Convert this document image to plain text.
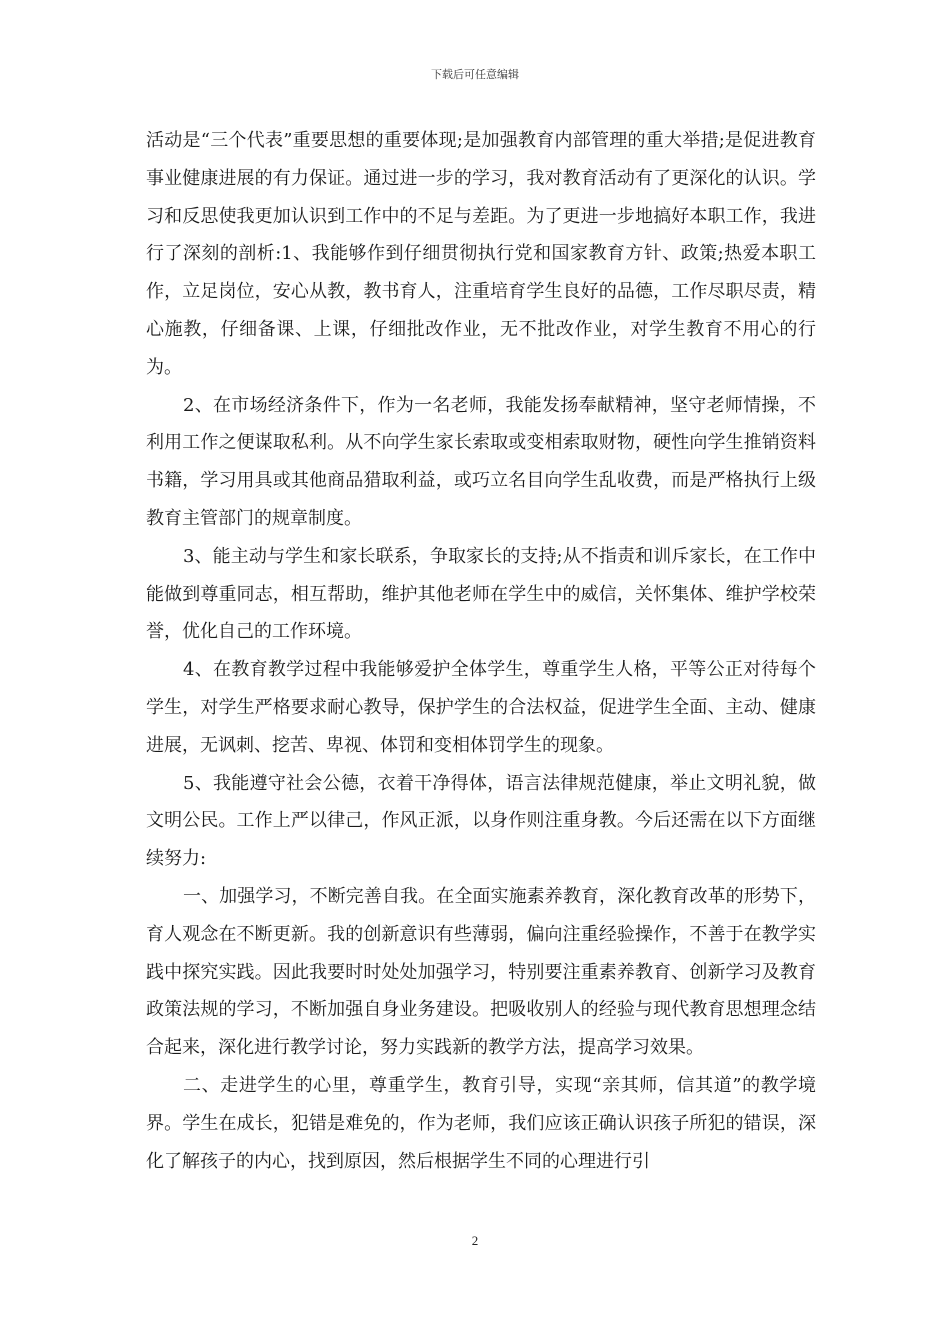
下载后可任意编辑

活动是“三个代表”重要思想的重要体现;是加强教育内部管理的重大举措;是促进教育事业健康进展的有力保证。通过进一步的学习，我对教育活动有了更深化的认识。学习和反思使我更加认识到工作中的不足与差距。为了更进一步地搞好本职工作，我进行了深刻的剖析:1、我能够作到仔细贯彻执行党和国家教育方针、政策;热爱本职工作，立足岗位，安心从教，教书育人，注重培育学生良好的品德，工作尽职尽责，精心施教，仔细备课、上课，仔细批改作业，无不批改作业，对学生教育不用心的行为。

2、在市场经济条件下，作为一名老师，我能发扬奉献精神，坚守老师情操，不利用工作之便谋取私利。从不向学生家长索取或变相索取财物，硬性向学生推销资料书籍，学习用具或其他商品猎取利益，或巧立名目向学生乱收费，而是严格执行上级教育主管部门的规章制度。

3、能主动与学生和家长联系，争取家长的支持;从不指责和训斥家长，在工作中能做到尊重同志，相互帮助，维护其他老师在学生中的威信，关怀集体、维护学校荣誉，优化自己的工作环境。

4、在教育教学过程中我能够爱护全体学生，尊重学生人格，平等公正对待每个学生，对学生严格要求耐心教导，保护学生的合法权益，促进学生全面、主动、健康进展，无讽刺、挖苦、卑视、体罚和变相体罚学生的现象。

5、我能遵守社会公德，衣着干净得体，语言法律规范健康，举止文明礼貌，做文明公民。工作上严以律己，作风正派，以身作则注重身教。今后还需在以下方面继续努力:

一、加强学习，不断完善自我。在全面实施素养教育，深化教育改革的形势下，育人观念在不断更新。我的创新意识有些薄弱，偏向注重经验操作，不善于在教学实践中探究实践。因此我要时时处处加强学习，特别要注重素养教育、创新学习及教育政策法规的学习，不断加强自身业务建设。把吸收别人的经验与现代教育思想理念结合起来，深化进行教学讨论，努力实践新的教学方法，提高学习效果。

二、走进学生的心里，尊重学生，教育引导，实现“亲其师，信其道”的教学境界。学生在成长，犯错是难免的，作为老师，我们应该正确认识孩子所犯的错误，深化了解孩子的内心，找到原因，然后根据学生不同的心理进行引

2
